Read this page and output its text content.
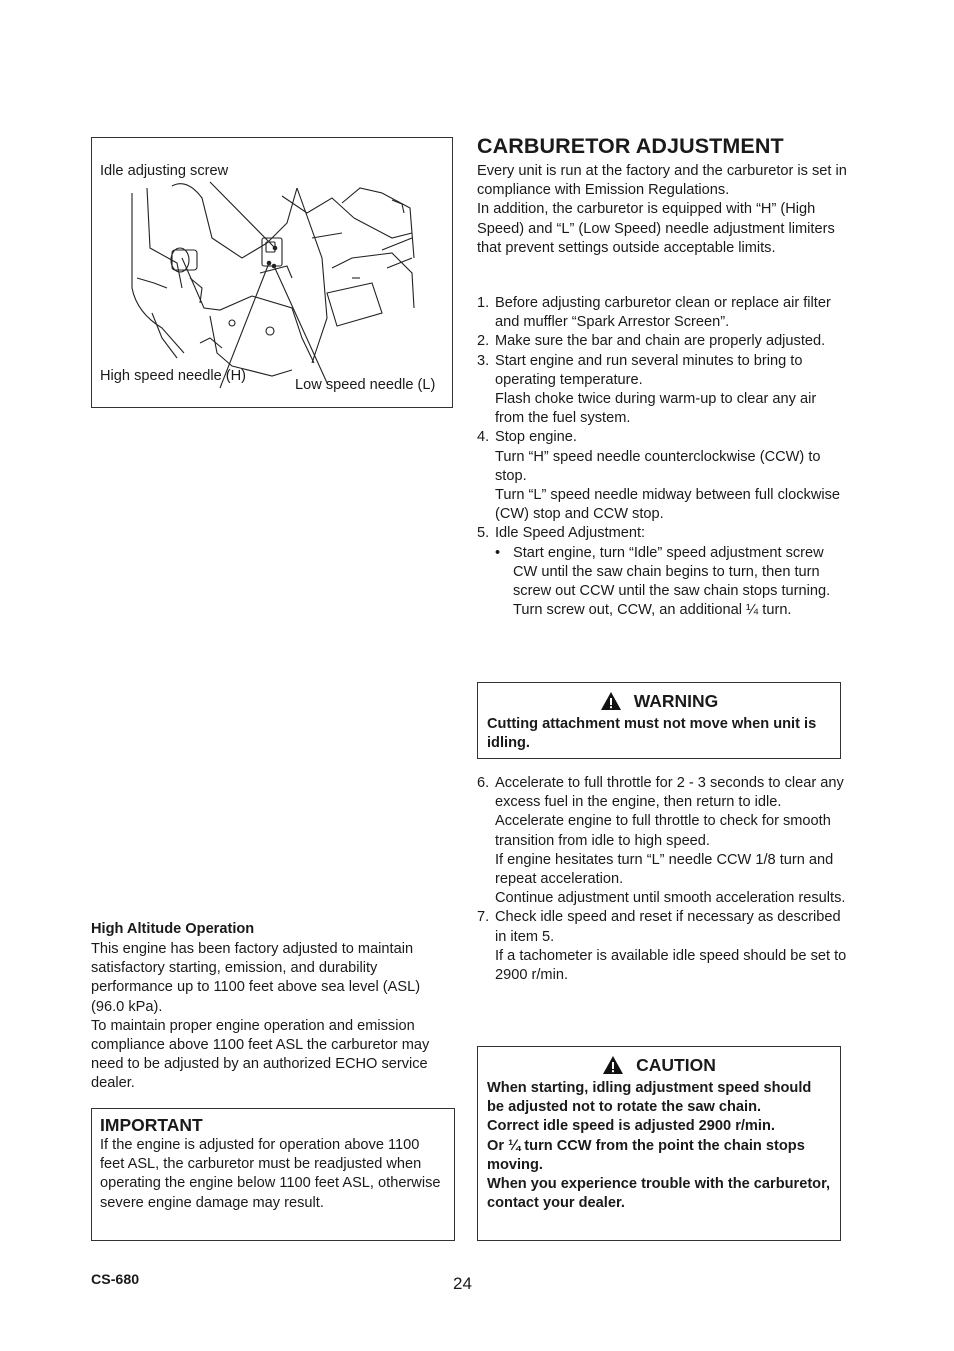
Idle adjusting screw
High speed needle (H)
Low speed needle (L)
High Altitude Operation

This engine has been factory adjusted to maintain satisfactory starting, emission, and durability performance up to 1100 feet above sea level (ASL) (96.0 kPa).

To maintain proper engine operation and emission compliance above 1100 feet ASL the carburetor may need to be adjusted by an authorized ECHO service dealer.

IMPORTANT
If the engine is adjusted for operation above 1100 feet ASL, the carburetor must be readjusted when operating the engine below 1100 feet ASL, otherwise severe engine damage may result.
CARBURETOR ADJUSTMENT

Every unit is run at the factory and the carburetor is set in compliance with Emission Regulations.

In addition, the carburetor is equipped with “H” (High Speed) and “L” (Low Speed) needle adjustment limiters that prevent settings outside acceptable limits.

1. Before adjusting carburetor clean or replace air filter and muffler “Spark Arrestor Screen”.
2. Make sure the bar and chain are properly adjusted.
3. Start engine and run several minutes to bring to operating temperature.
Flash choke twice during warm-up to clear any air from the fuel system.
4. Stop engine.
Turn “H” speed needle counterclockwise (CCW) to stop.
Turn “L” speed needle midway between full clockwise (CW) stop and CCW stop.
5. Idle Speed Adjustment:
• Start engine, turn “Idle” speed adjustment screw CW until the saw chain begins to turn, then turn screw out CCW until the saw chain stops turning.
Turn screw out, CCW, an additional ¼ turn.
WARNING
Cutting attachment must not move when unit is idling.
6. Accelerate to full throttle for 2 - 3 seconds to clear any excess fuel in the engine, then return to idle.
Accelerate engine to full throttle to check for smooth transition from idle to high speed.
If engine hesitates turn “L” needle CCW 1/8 turn and repeat acceleration.
Continue adjustment until smooth acceleration results.
7. Check idle speed and reset if necessary as described in item 5.
If a tachometer is available idle speed should be set to 2900 r/min.
CAUTION
When starting, idling adjustment speed should be adjusted not to rotate the saw chain.
Correct idle speed is adjusted 2900 r/min.
Or ¼ turn CCW from the point the chain stops moving.
When you experience trouble with the carburetor, contact your dealer.
CS-680	24
